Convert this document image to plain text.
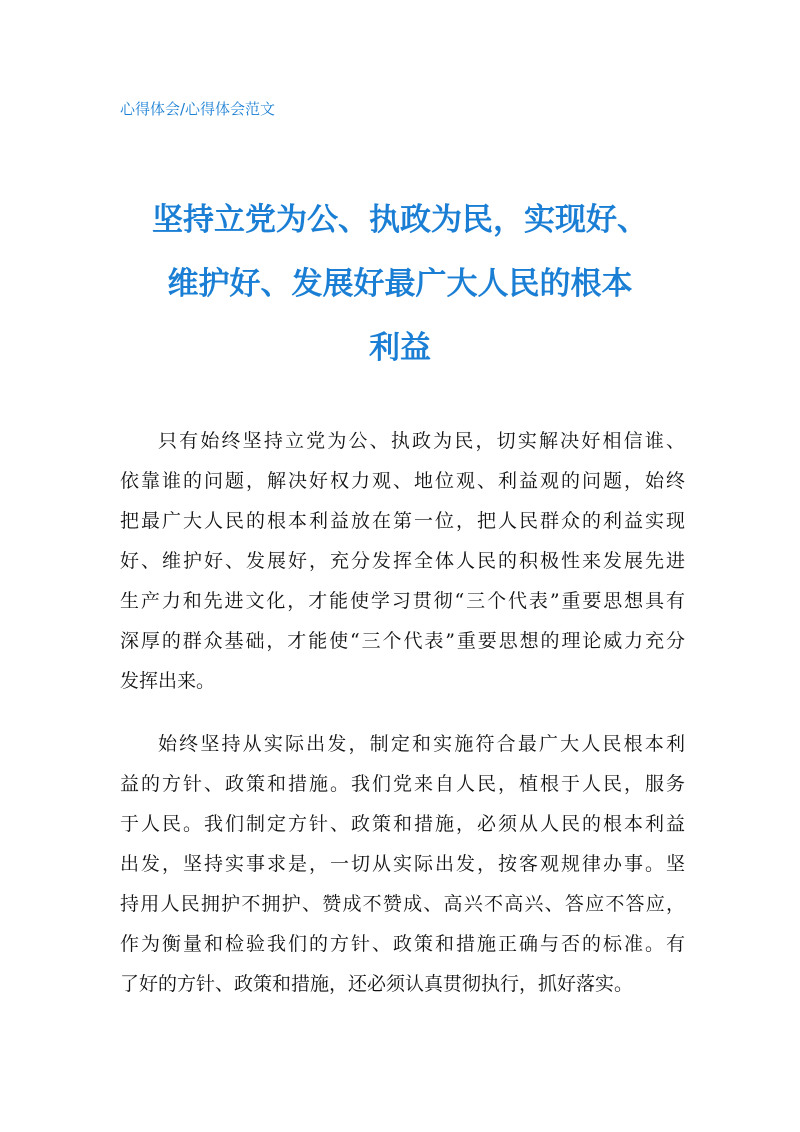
心得体会/心得体会范文
坚持立党为公、执政为民，实现好、
维护好、发展好最广大人民的根本
利益

只有始终坚持立党为公、执政为民，切实解决好相信谁、
依靠谁的问题，解决好权力观、地位观、利益观的问题，始终
把最广大人民的根本利益放在第一位，把人民群众的利益实现
好、维护好、发展好，充分发挥全体人民的积极性来发展先进
生产力和先进文化，才能使学习贯彻“三个代表”重要思想具有
深厚的群众基础，才能使“三个代表”重要思想的理论威力充分
发挥出来。

始终坚持从实际出发，制定和实施符合最广大人民根本利
益的方针、政策和措施。我们党来自人民，植根于人民，服务
于人民。我们制定方针、政策和措施，必须从人民的根本利益
出发，坚持实事求是，一切从实际出发，按客观规律办事。坚
持用人民拥护不拥护、赞成不赞成、高兴不高兴、答应不答应，
作为衡量和检验我们的方针、政策和措施正确与否的标准。有
了好的方针、政策和措施，还必须认真贯彻执行，抓好落实。
